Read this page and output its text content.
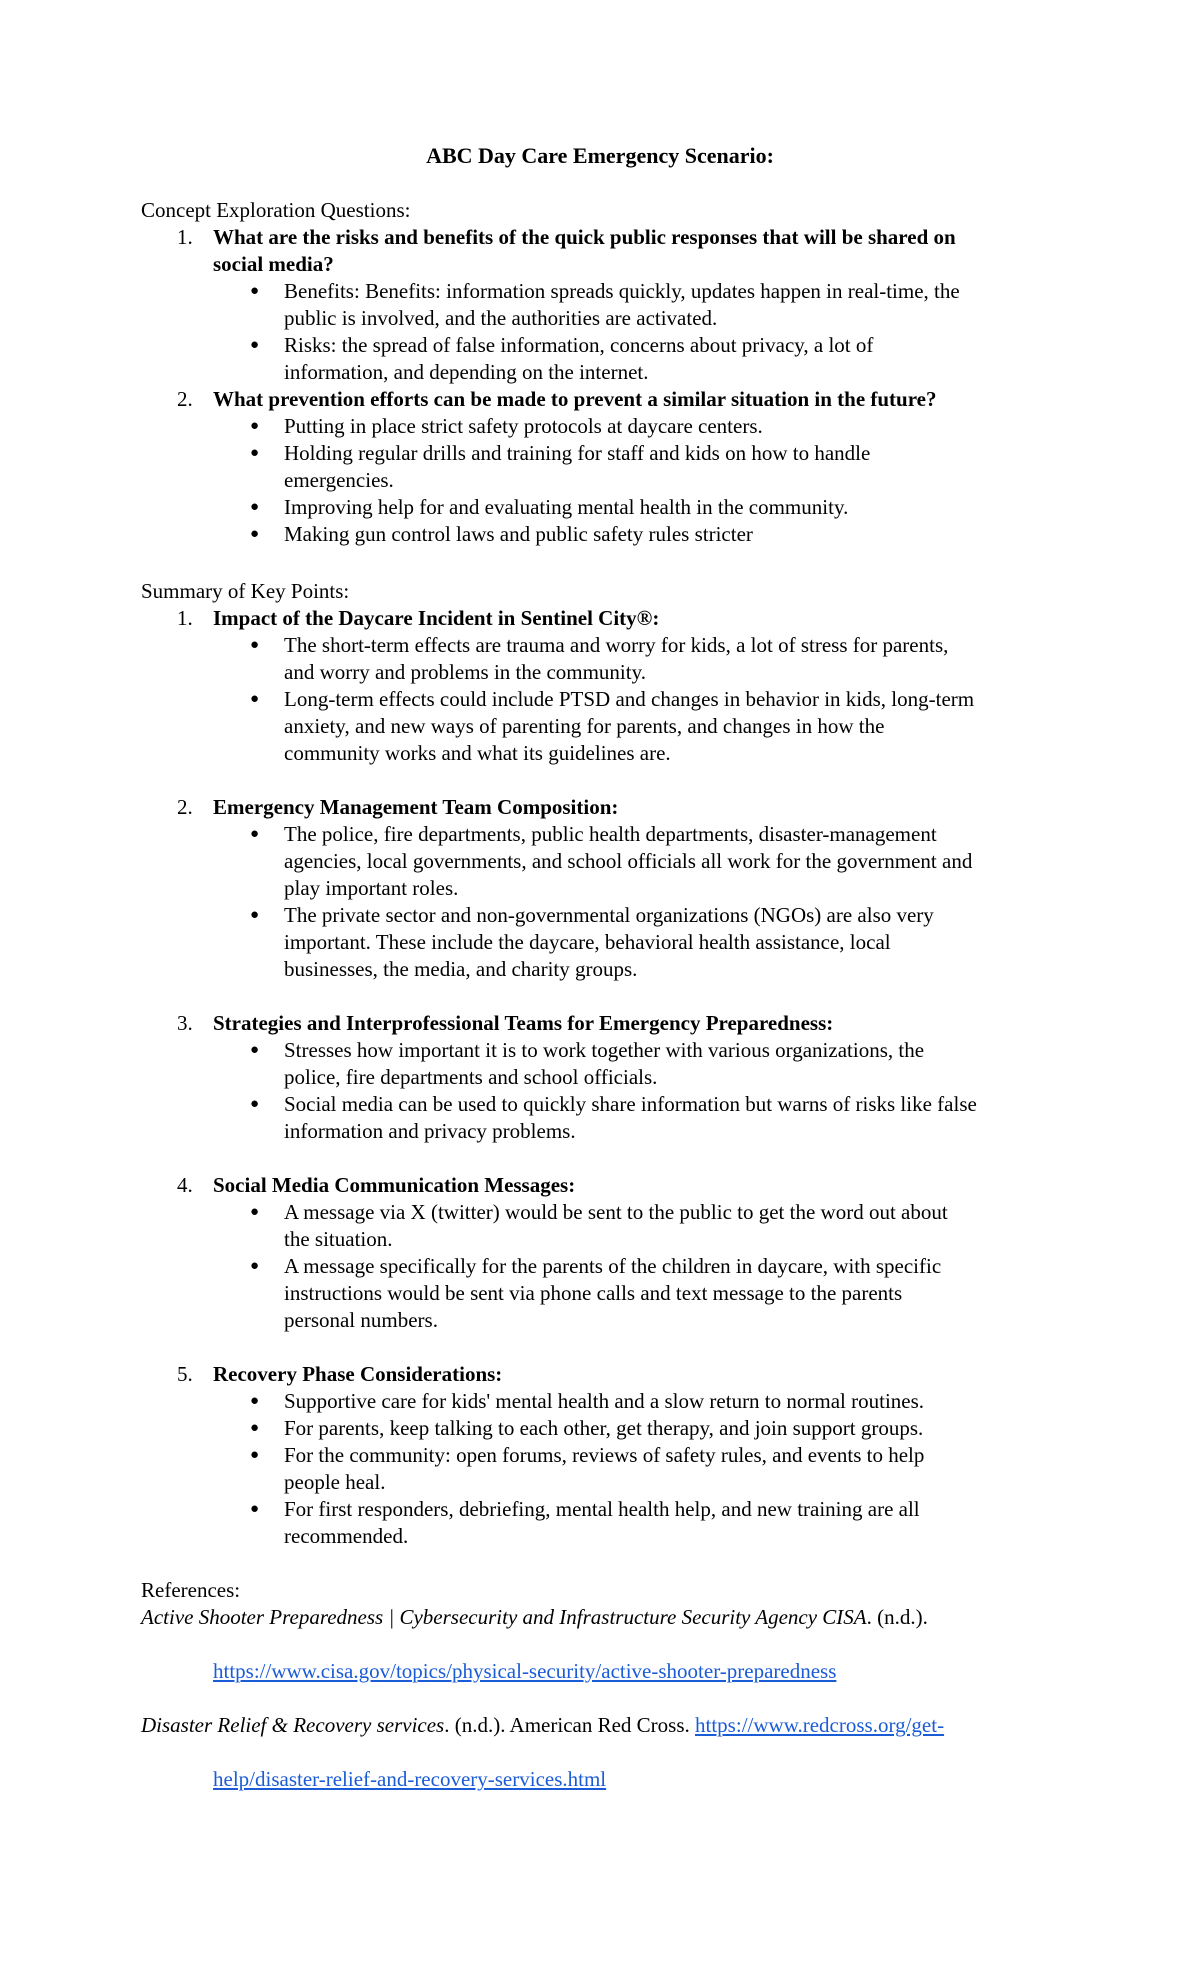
ABC Day Care Emergency Scenario:
Concept Exploration Questions:
1. What are the risks and benefits of the quick public responses that will be shared on
social media?
● Benefits: Benefits: information spreads quickly, updates happen in real-time, the
public is involved, and the authorities are activated.
● Risks: the spread of false information, concerns about privacy, a lot of
information, and depending on the internet.
2. What prevention efforts can be made to prevent a similar situation in the future?
● Putting in place strict safety protocols at daycare centers.
● Holding regular drills and training for staff and kids on how to handle
emergencies.
● Improving help for and evaluating mental health in the community.
● Making gun control laws and public safety rules stricter
Summary of Key Points:
1. Impact of the Daycare Incident in Sentinel City®:
● The short-term effects are trauma and worry for kids, a lot of stress for parents,
and worry and problems in the community.
● Long-term effects could include PTSD and changes in behavior in kids, long-term
anxiety, and new ways of parenting for parents, and changes in how the
community works and what its guidelines are.
2. Emergency Management Team Composition:
● The police, fire departments, public health departments, disaster-management
agencies, local governments, and school officials all work for the government and
play important roles.
● The private sector and non-governmental organizations (NGOs) are also very
important. These include the daycare, behavioral health assistance, local
businesses, the media, and charity groups.
3. Strategies and Interprofessional Teams for Emergency Preparedness:
● Stresses how important it is to work together with various organizations, the
police, fire departments and school officials.
● Social media can be used to quickly share information but warns of risks like false
information and privacy problems.
4. Social Media Communication Messages:
● A message via X (twitter) would be sent to the public to get the word out about
the situation.
● A message specifically for the parents of the children in daycare, with specific
instructions would be sent via phone calls and text message to the parents
personal numbers.
5. Recovery Phase Considerations:
● Supportive care for kids' mental health and a slow return to normal routines.
● For parents, keep talking to each other, get therapy, and join support groups.
● For the community: open forums, reviews of safety rules, and events to help
people heal.
● For first responders, debriefing, mental health help, and new training are all
recommended.
References:
Active Shooter Preparedness | Cybersecurity and Infrastructure Security Agency CISA. (n.d.).
https://www.cisa.gov/topics/physical-security/active-shooter-preparedness
Disaster Relief & Recovery services. (n.d.). American Red Cross. https://www.redcross.org/get-
help/disaster-relief-and-recovery-services.html
